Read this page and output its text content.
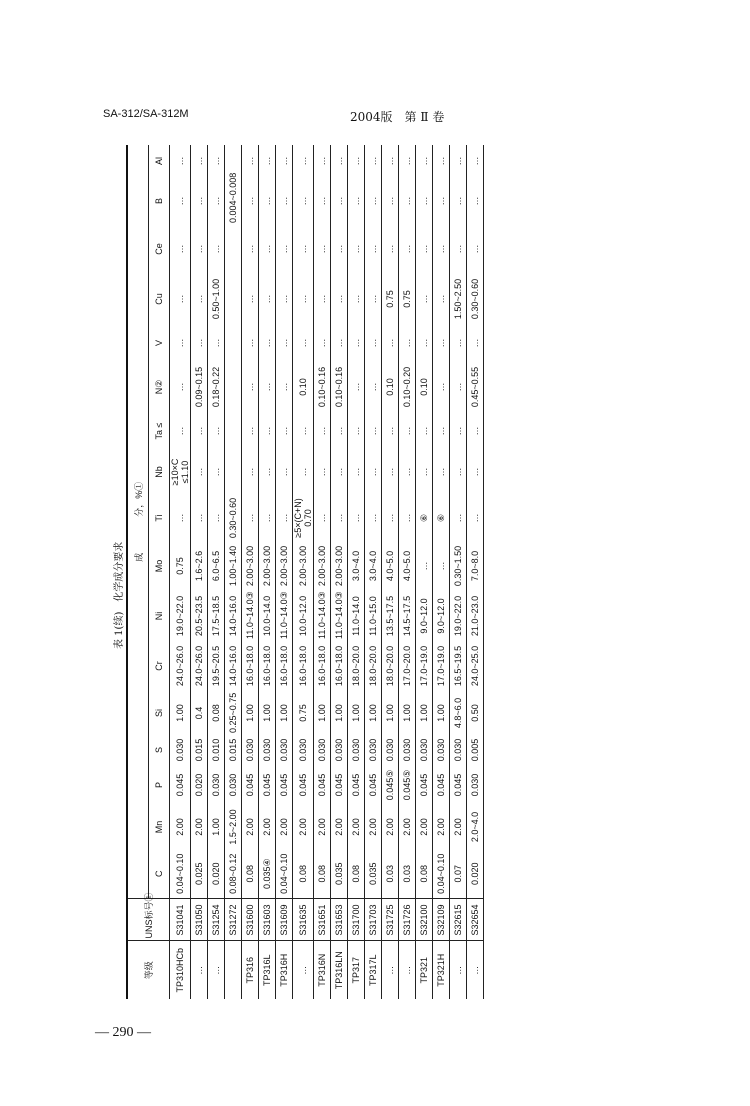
SA-312/SA-312M	2004版　第 Ⅱ 卷
表 1(续)　化学成分要求
等级	UNS标号①	成　　　　分，%①																
		C	Mn	P	S	Si	Cr	Ni	Mo	Ti	Nb	Ta ≤	N②	V	Cu	Ce	B	Al
TP310HCb	S31041	0.04~0.10	2.00	0.045	0.030	1.00	24.0~26.0	19.0~22.0	0.75	…	≥10×C ≤1.10	…	…	…	…	…	…	…
…	S31050	0.025	2.00	0.020	0.015	0.4	24.0~26.0	20.5~23.5	1.6~2.6	…	…	…	0.09~0.15	…	…	…	…	…
…	S31254	0.020	1.00	0.030	0.010	0.08	19.5~20.5	17.5~18.5	6.0~6.5	…	…	…	0.18~0.22	…	0.50~1.00	…	…	…
	S31272	0.08~0.12	1.5~2.00	0.030	0.015	0.25~0.75	14.0~16.0	14.0~16.0	1.00~1.40	0.30~0.60							0.004~0.008	
TP316	S31600	0.08	2.00	0.045	0.030	1.00	16.0~18.0	11.0~14.0③	2.00~3.00	…	…	…	…	…	…	…	…	…
TP316L	S31603	0.035④	2.00	0.045	0.030	1.00	16.0~18.0	10.0~14.0	2.00~3.00	…	…	…	…	…	…	…	…	…
TP316H	S31609	0.04~0.10	2.00	0.045	0.030	1.00	16.0~18.0	11.0~14.0③	2.00~3.00	…	…	…	…	…	…	…	…	…
…	S31635	0.08	2.00	0.045	0.030	0.75	16.0~18.0	10.0~12.0	2.00~3.00	≥5×(C+N) 0.70	…	…	0.10	…	…	…	…	…
TP316N	S31651	0.08	2.00	0.045	0.030	1.00	16.0~18.0	11.0~14.0③	2.00~3.00	…	…	…	0.10~0.16	…	…	…	…	…
TP316LN	S31653	0.035	2.00	0.045	0.030	1.00	16.0~18.0	11.0~14.0③	2.00~3.00	…	…	…	0.10~0.16	…	…	…	…	…
TP317	S31700	0.08	2.00	0.045	0.030	1.00	18.0~20.0	11.0~14.0	3.0~4.0	…	…	…	…	…	…	…	…	…
TP317L	S31703	0.035	2.00	0.045	0.030	1.00	18.0~20.0	11.0~15.0	3.0~4.0	…	…	…	…	…	…	…	…	…
…	S31725	0.03	2.00	0.045⑤	0.030	1.00	18.0~20.0	13.5~17.5	4.0~5.0	…	…	…	0.10	…	0.75	…	…	…
…	S31726	0.03	2.00	0.045⑤	0.030	1.00	17.0~20.0	14.5~17.5	4.0~5.0	…	…	…	0.10~0.20	…	0.75	…	…	…
TP321	S32100	0.08	2.00	0.045	0.030	1.00	17.0~19.0	9.0~12.0	…	⑥	…	…	0.10	…	…	…	…	…
TP321H	S32109	0.04~0.10	2.00	0.045	0.030	1.00	17.0~19.0	9.0~12.0	…	⑥	…	…	…	…	…	…	…	…
…	S32615	0.07	2.00	0.045	0.030	4.8~6.0	16.5~19.5	19.0~22.0	0.30~1.50	…	…	…	…	…	1.50~2.50	…	…	…
…	S32654	0.020	2.0~4.0	0.030	0.005	0.50	24.0~25.0	21.0~23.0	7.0~8.0	…	…	…	0.45~0.55	…	0.30~0.60	…	…	…
— 290 —
